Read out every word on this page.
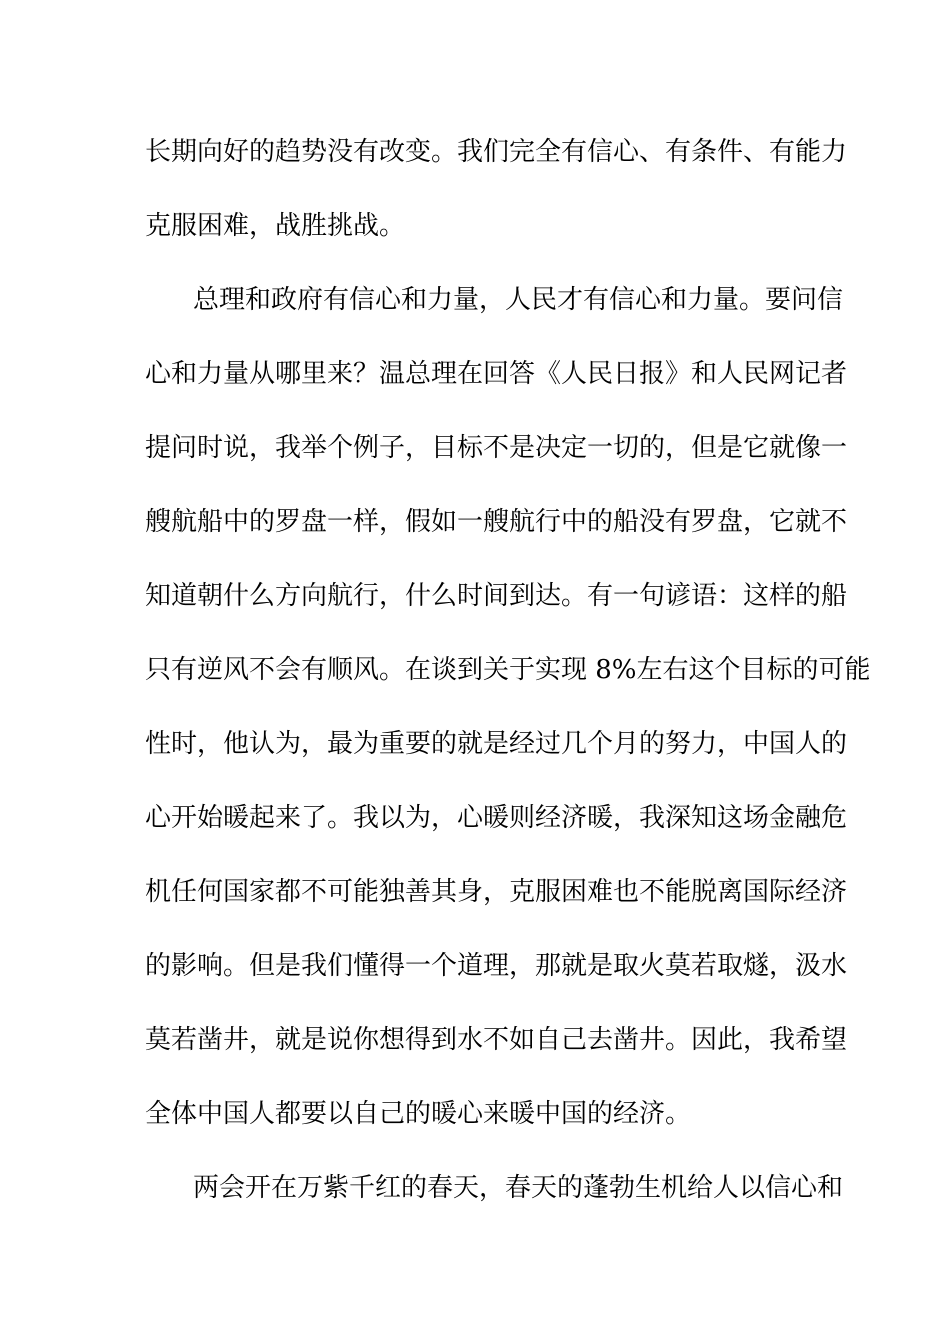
长期向好的趋势没有改变。我们完全有信心、有条件、有能力
克服困难，战胜挑战。
总理和政府有信心和力量，人民才有信心和力量。要问信
心和力量从哪里来？温总理在回答《人民日报》和人民网记者
提问时说，我举个例子，目标不是决定一切的，但是它就像一
艘航船中的罗盘一样，假如一艘航行中的船没有罗盘，它就不
知道朝什么方向航行，什么时间到达。有一句谚语：这样的船
只有逆风不会有顺风。在谈到关于实现 8%左右这个目标的可能
性时，他认为，最为重要的就是经过几个月的努力，中国人的
心开始暖起来了。我以为，心暖则经济暖，我深知这场金融危
机任何国家都不可能独善其身，克服困难也不能脱离国际经济
的影响。但是我们懂得一个道理，那就是取火莫若取燧，汲水
莫若凿井，就是说你想得到水不如自己去凿井。因此，我希望
全体中国人都要以自己的暖心来暖中国的经济。
两会开在万紫千红的春天，春天的蓬勃生机给人以信心和
